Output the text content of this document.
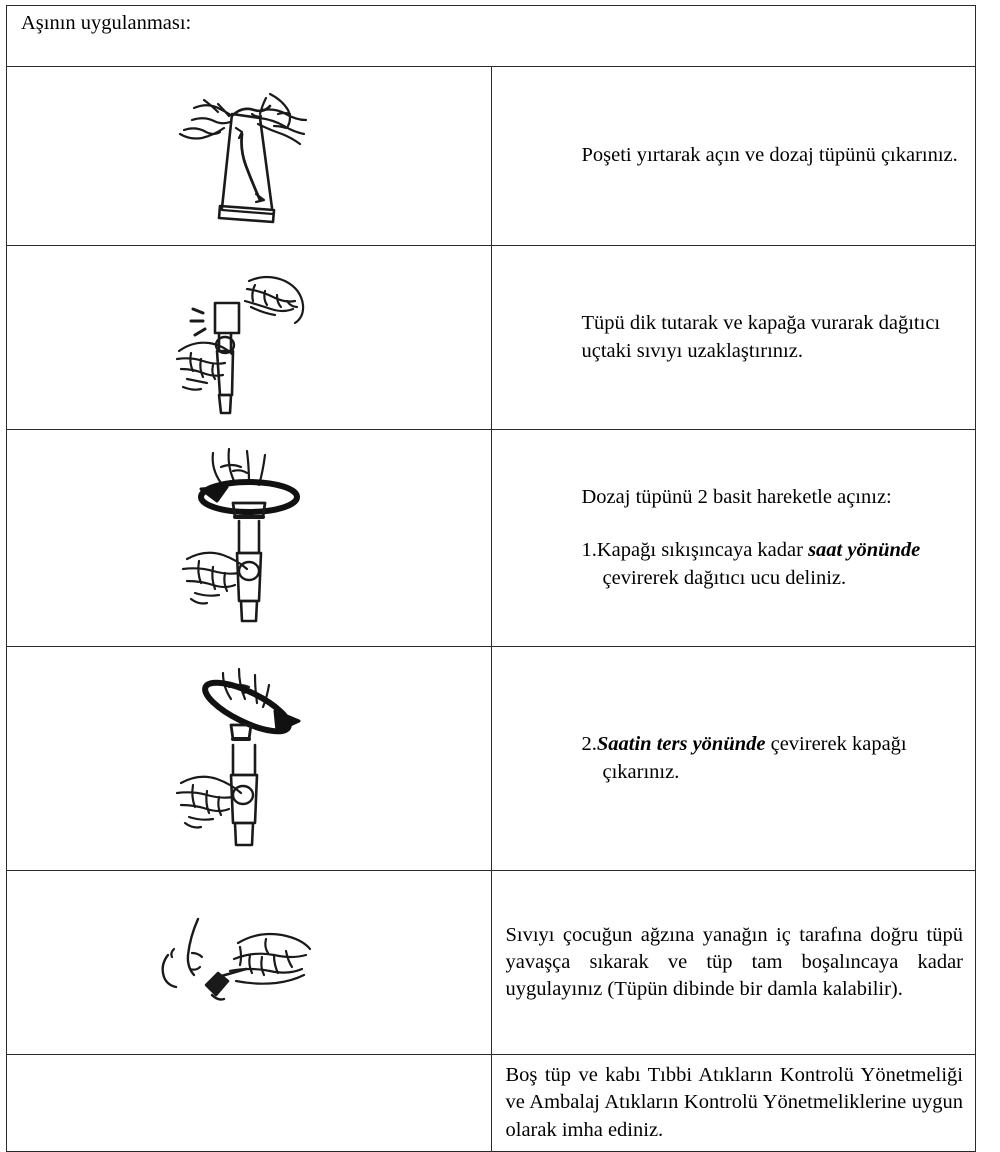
Aşının uygulanması:	

Poşeti yırtarak açın ve dozaj tüpünü çıkarınız.

Tüpü dik tutarak ve kapağa vurarak dağıtıcı

uçtaki sıvıyı uzaklaştırınız.

Dozaj tüpünü 2 basit hareketle açınız:

1.Kapağı sıkışıncaya kadar saat yönünde
çevirerek dağıtıcı ucu deliniz.

2.Saatin ters yönünde çevirerek kapağı
çıkarınız.

Sıvıyı çocuğun ağzına yanağın iç tarafına doğru tüpü yavaşça sıkarak ve tüp tam boşalıncaya kadar uygulayınız (Tüpün dibinde bir damla kalabilir).

	Boş tüp ve kabı Tıbbi Atıkların Kontrolü Yönetmeliği ve Ambalaj Atıkların Kontrolü Yönetmeliklerine uygun olarak imha ediniz.
